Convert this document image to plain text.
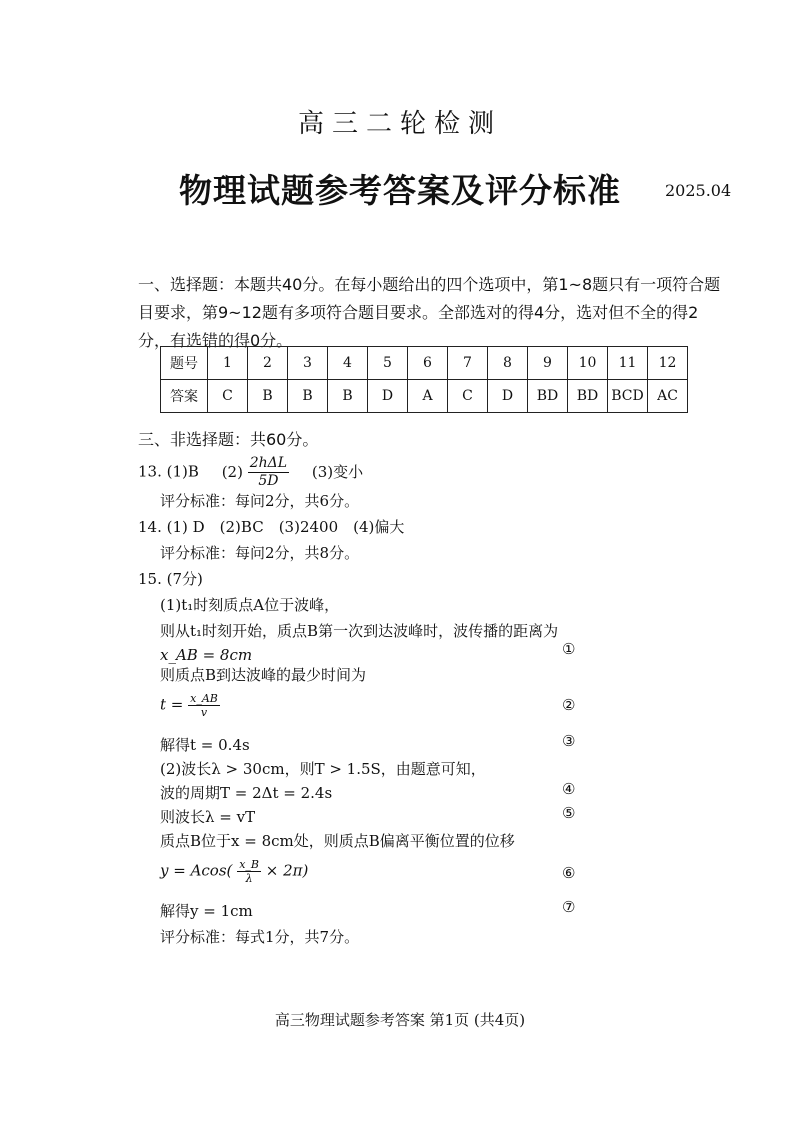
高三二轮检测
物理试题参考答案及评分标准	2025.04
一、选择题：本题共40分。在每小题给出的四个选项中，第1~8题只有一项符合题目要求，第9~12题有多项符合题目要求。全部选对的得4分，选对但不全的得2分，有选错的得0分。
题号	1	2	3	4	5	6	7	8	9	10	11	12
答案	C	B	B	B	D	A	C	D	BD	BD	BCD	AC
三、非选择题：共60分。
13. (1)B $(2) \frac{\text{2hΔL}}{5D} (3)$变小
评分标准：每问2分，共6分。
14. (1) D　(2)BC　(3)2400　(4)偏大
评分标准：每问2分，共8分。
15. (7分)
(1)t₁时刻质点A位于波峰，
则从t₁时刻开始，质点B第一次到达波峰时，波传播的距离为
x_AB = 8cm	①
则质点B到达波峰的最少时间为
$t = \frac{x\_AB}{v}$	②
解得t = 0.4s	③
(2)波长λ > 30cm，则T > 1.5S，由题意可知，
波的周期T = 2Δt = 2.4s	④
则波长λ = vT	⑤
质点B位于x = 8cm处，则质点B偏离平衡位置的位移
$y = Acos( \frac{x\_B}{\lambda} \times 2\pi)$	⑥
解得y = 1cm	⑦
评分标准：每式1分，共7分。
高三物理试题参考答案 第1页 (共4页)
